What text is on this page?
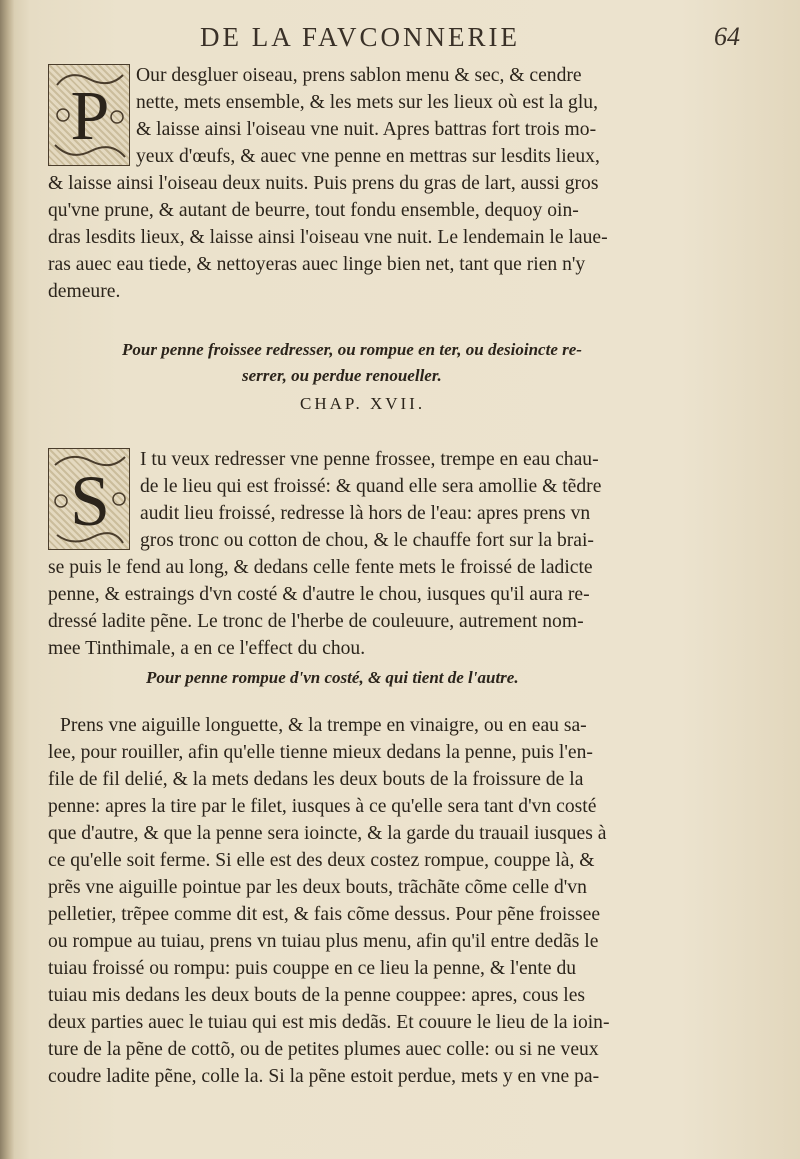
DE LA FAVCONNERIE	64
P
Our desgluer oiseau, prens sablon menu & sec, & cendre
nette, mets ensemble, & les mets sur les lieux où est la glu,
& laisse ainsi l'oiseau vne nuit. Apres battras fort trois mo-
yeux d'œufs, & auec vne penne en mettras sur lesdits lieux,
& laisse ainsi l'oiseau deux nuits. Puis prens du gras de lart, aussi gros
qu'vne prune, & autant de beurre, tout fondu ensemble, dequoy oin-
dras lesdits lieux, & laisse ainsi l'oiseau vne nuit. Le lendemain le laue-
ras auec eau tiede, & nettoyeras auec linge bien net, tant que rien n'y
demeure.
Pour penne froissee redresser, ou rompue en ter, ou desioincte re-
serrer, ou perdue renoueller.
CHAP. XVII.
S
I tu veux redresser vne penne frossee, trempe en eau chau-
de le lieu qui est froissé: & quand elle sera amollie & tẽdre
audit lieu froissé, redresse là hors de l'eau: apres prens vn
gros tronc ou cotton de chou, & le chauffe fort sur la brai-
se puis le fend au long, & dedans celle fente mets le froissé de ladicte
penne, & estraings d'vn costé & d'autre le chou, iusques qu'il aura re-
dressé ladite pẽne. Le tronc de l'herbe de couleuure, autrement nom-
mee Tinthimale, a en ce l'effect du chou.
Pour penne rompue d'vn costé, & qui tient de l'autre.
Prens vne aiguille longuette, & la trempe en vinaigre, ou en eau sa-
lee, pour rouiller, afin qu'elle tienne mieux dedans la penne, puis l'en-
file de fil delié, & la mets dedans les deux bouts de la froissure de la
penne: apres la tire par le filet, iusques à ce qu'elle sera tant d'vn costé
que d'autre, & que la penne sera ioincte, & la garde du trauail iusques à
ce qu'elle soit ferme. Si elle est des deux costez rompue, couppe là, &
prẽs vne aiguille pointue par les deux bouts, trãchãte cõme celle d'vn
pelletier, trẽpee comme dit est, & fais cõme dessus. Pour pẽne froissee
ou rompue au tuiau, prens vn tuiau plus menu, afin qu'il entre dedãs le
tuiau froissé ou rompu: puis couppe en ce lieu la penne, & l'ente du
tuiau mis dedans les deux bouts de la penne couppee: apres, cous les
deux parties auec le tuiau qui est mis dedãs. Et couure le lieu de la ioin-
ture de la pẽne de cottõ, ou de petites plumes auec colle: ou si ne veux
coudre ladite pẽne, colle la. Si la pẽne estoit perdue, mets y en vne pa-
